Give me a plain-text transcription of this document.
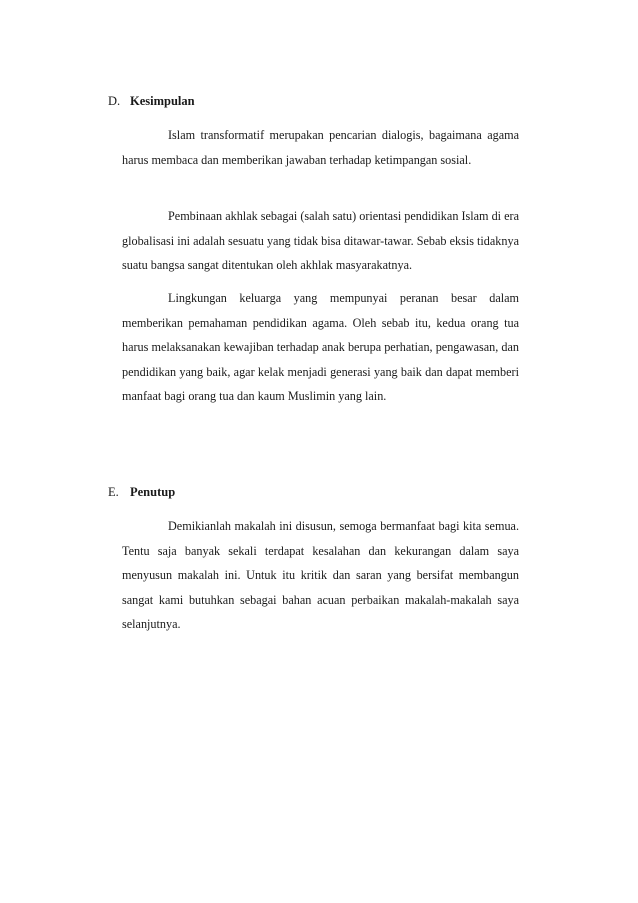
D. Kesimpulan

Islam transformatif merupakan pencarian dialogis, bagaimana agama harus membaca dan memberikan jawaban terhadap ketimpangan sosial.

Pembinaan akhlak sebagai (salah satu) orientasi pendidikan Islam di era globalisasi ini adalah sesuatu yang tidak bisa ditawar-tawar. Sebab eksis tidaknya suatu bangsa sangat ditentukan oleh akhlak masyarakatnya.

Lingkungan keluarga yang mempunyai peranan besar dalam memberikan pemahaman pendidikan agama. Oleh sebab itu, kedua orang tua harus melaksanakan kewajiban terhadap anak berupa perhatian, pengawasan, dan pendidikan yang baik, agar kelak menjadi generasi yang baik dan dapat memberi manfaat bagi orang tua dan kaum Muslimin yang lain.

E. Penutup

Demikianlah makalah ini disusun, semoga bermanfaat bagi kita semua. Tentu saja banyak sekali terdapat kesalahan dan kekurangan dalam saya menyusun makalah ini. Untuk itu kritik dan saran yang bersifat membangun sangat kami butuhkan sebagai bahan acuan perbaikan makalah-makalah saya selanjutnya.
